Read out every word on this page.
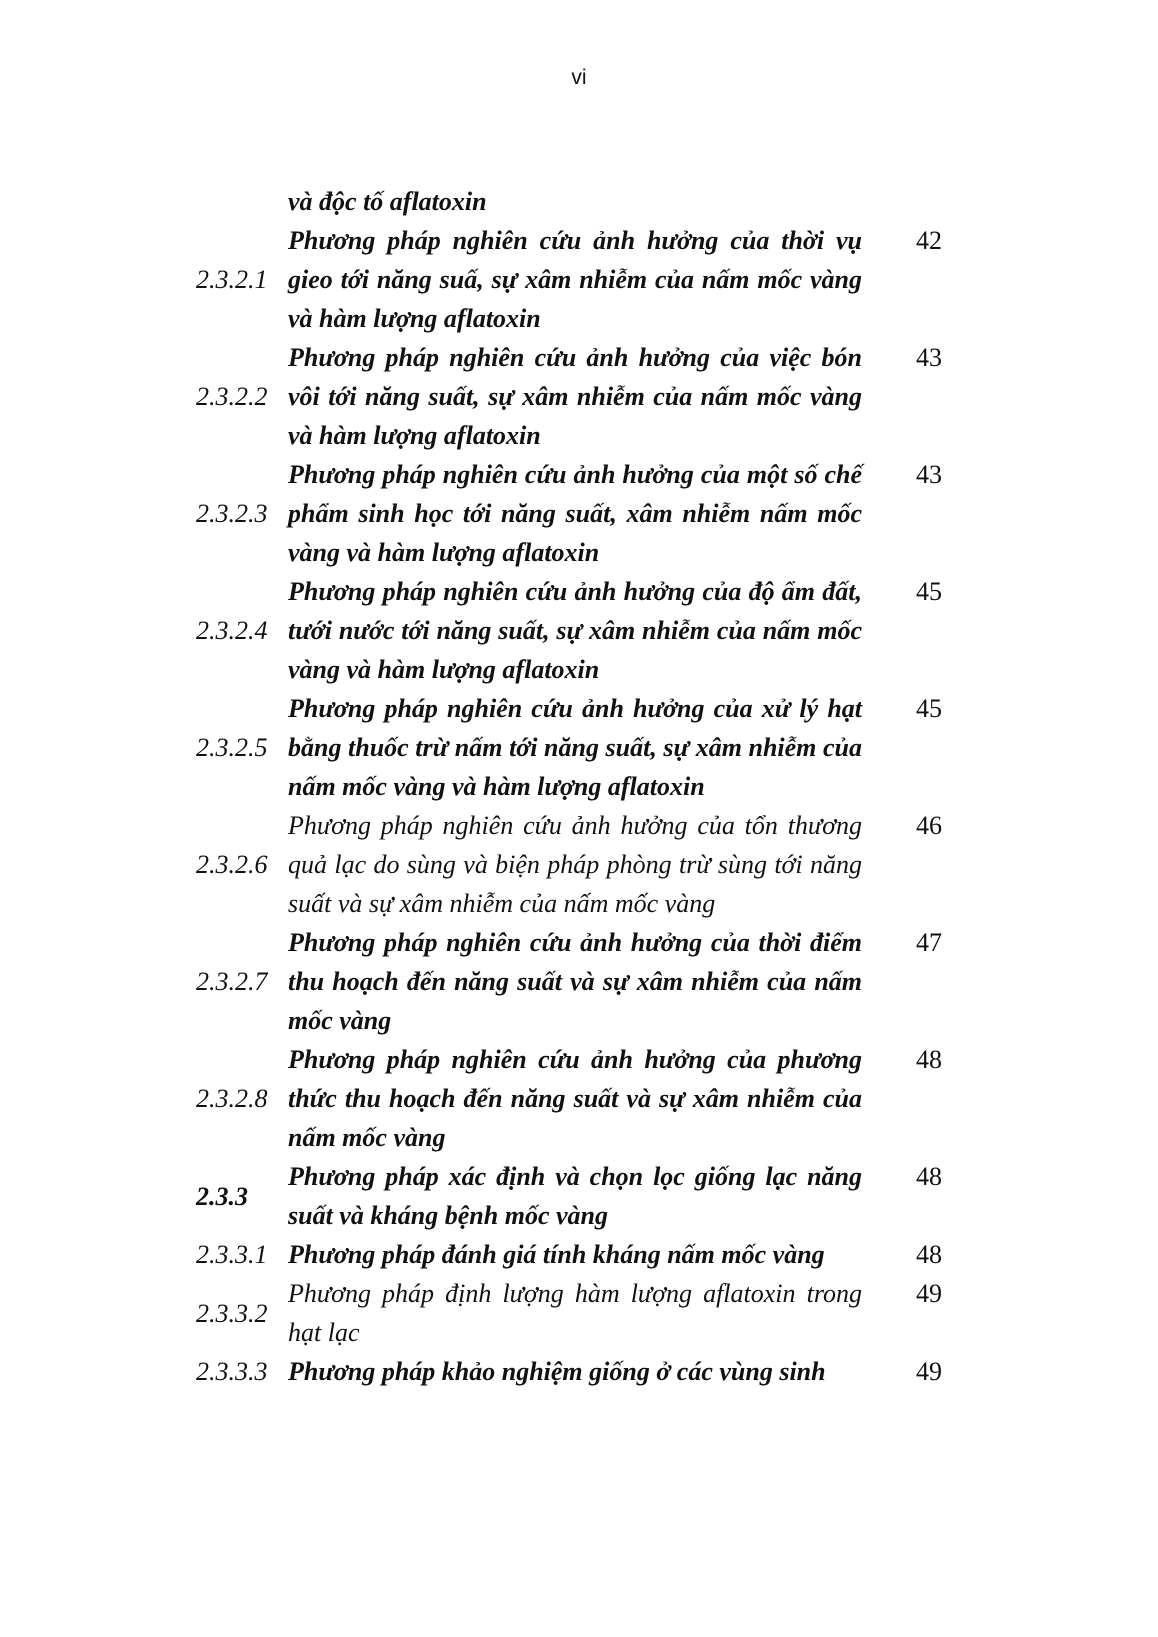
vi
và độc tố aflatoxin
2.3.2.1
Phương pháp nghiên cứu ảnh hưởng của thời vụ gieo tới năng suấ, sự xâm nhiễm của nấm mốc vàng và hàm lượng aflatoxin
42
2.3.2.2
Phương pháp nghiên cứu ảnh hưởng của việc bón vôi tới năng suất, sự xâm nhiễm của nấm mốc vàng và hàm lượng aflatoxin
43
2.3.2.3
Phương pháp nghiên cứu ảnh hưởng của một số chế phẩm sinh học tới năng suất, xâm nhiễm nấm mốc vàng và hàm lượng aflatoxin
43
2.3.2.4
Phương pháp nghiên cứu ảnh hưởng của độ ẩm đất, tưới nước tới năng suất, sự xâm nhiễm của nấm mốc vàng và hàm lượng aflatoxin
45
2.3.2.5
Phương pháp nghiên cứu ảnh hưởng của xử lý hạt bằng thuốc trừ nấm tới năng suất, sự xâm nhiễm của nấm mốc vàng và hàm lượng aflatoxin
45
2.3.2.6
Phương pháp nghiên cứu ảnh hưởng của tổn thương quả lạc do sùng và biện pháp phòng trừ sùng tới năng suất và sự xâm nhiễm của nấm mốc vàng
46
2.3.2.7
Phương pháp nghiên cứu ảnh hưởng của thời điểm thu hoạch đến năng suất và sự xâm nhiễm của nấm mốc vàng
47
2.3.2.8
Phương pháp nghiên cứu ảnh hưởng của phương thức thu hoạch đến năng suất và sự xâm nhiễm của nấm mốc vàng
48
2.3.3
Phương pháp xác định và chọn lọc giống lạc năng suất và kháng bệnh mốc vàng
48
2.3.3.1 Phương pháp đánh giá tính kháng nấm mốc vàng	48
2.3.3.2
Phương pháp định lượng hàm lượng aflatoxin trong hạt lạc
49
2.3.3.3 Phương pháp khảo nghiệm giống ở các vùng sinh	49
